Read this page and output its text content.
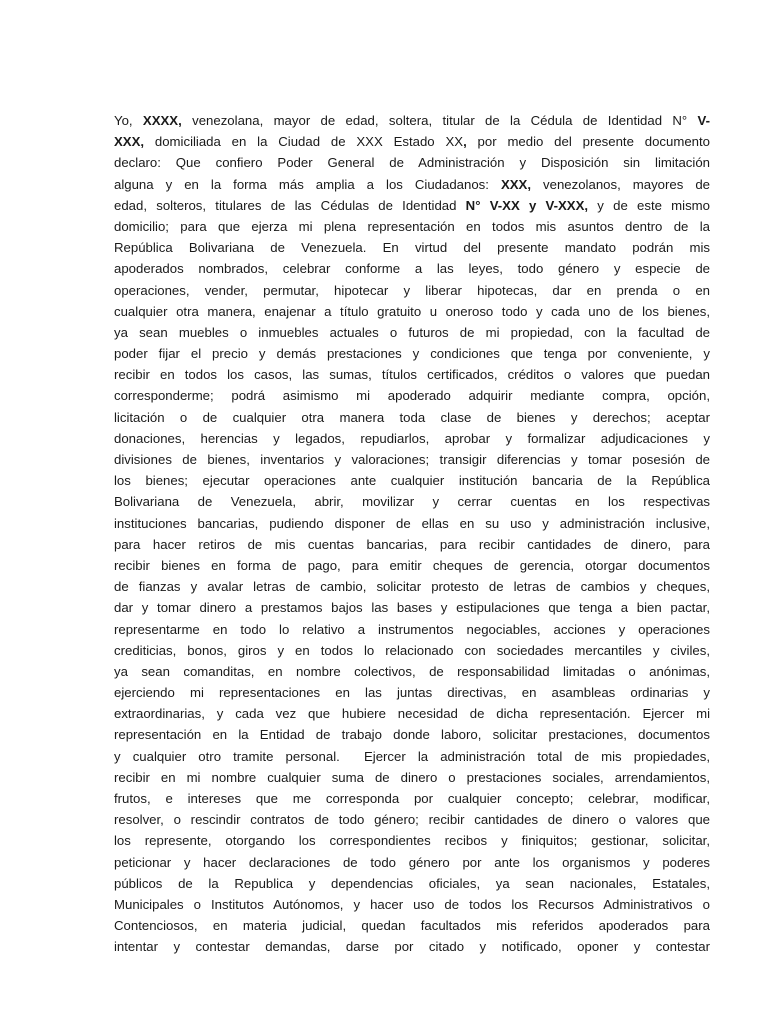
Yo, XXXX, venezolana, mayor de edad, soltera, titular de la Cédula de Identidad N° V-
XXX, domiciliada en la Ciudad de XXX Estado XX, por medio del presente documento
declaro: Que confiero Poder General de Administración y Disposición sin limitación
alguna y en la forma más amplia a los Ciudadanos: XXX, venezolanos, mayores de
edad, solteros, titulares de las Cédulas de Identidad N° V-XX y V-XXX, y de este mismo
domicilio; para que ejerza mi plena representación en todos mis asuntos dentro de la
República Bolivariana de Venezuela. En virtud del presente mandato podrán mis
apoderados nombrados, celebrar conforme a las leyes, todo género y especie de
operaciones, vender, permutar, hipotecar y liberar hipotecas, dar en prenda o en
cualquier otra manera, enajenar a título gratuito u oneroso todo y cada uno de los bienes,
ya sean muebles o inmuebles actuales o futuros de mi propiedad, con la facultad de
poder fijar el precio y demás prestaciones y condiciones que tenga por conveniente, y
recibir en todos los casos, las sumas, títulos certificados, créditos o valores que puedan
corresponderme; podrá asimismo mi apoderado adquirir mediante compra, opción,
licitación o de cualquier otra manera toda clase de bienes y derechos; aceptar
donaciones, herencias y legados, repudiarlos, aprobar y formalizar adjudicaciones y
divisiones de bienes, inventarios y valoraciones; transigir diferencias y tomar posesión de
los bienes; ejecutar operaciones ante cualquier institución bancaria de la República
Bolivariana de Venezuela, abrir, movilizar y cerrar cuentas en los respectivas
instituciones bancarias, pudiendo disponer de ellas en su uso y administración inclusive,
para hacer retiros de mis cuentas bancarias, para recibir cantidades de dinero, para
recibir bienes en forma de pago, para emitir cheques de gerencia, otorgar documentos
de fianzas y avalar letras de cambio, solicitar protesto de letras de cambios y cheques,
dar y tomar dinero a prestamos bajos las bases y estipulaciones que tenga a bien pactar,
representarme en todo lo relativo a instrumentos negociables, acciones y operaciones
crediticias, bonos, giros y en todos lo relacionado con sociedades mercantiles y civiles,
ya sean comanditas, en nombre colectivos, de responsabilidad limitadas o anónimas,
ejerciendo mi representaciones en las juntas directivas, en asambleas ordinarias y
extraordinarias, y cada vez que hubiere necesidad de dicha representación. Ejercer mi
representación en la Entidad de trabajo donde laboro, solicitar prestaciones, documentos
y cualquier otro tramite personal.  Ejercer la administración total de mis propiedades,
recibir en mi nombre cualquier suma de dinero o prestaciones sociales, arrendamientos,
frutos, e intereses que me corresponda por cualquier concepto; celebrar, modificar,
resolver, o rescindir contratos de todo género; recibir cantidades de dinero o valores que
los represente, otorgando los correspondientes recibos y finiquitos; gestionar, solicitar,
peticionar y hacer declaraciones de todo género por ante los organismos y poderes
públicos de la Republica y dependencias oficiales, ya sean nacionales, Estatales,
Municipales o Institutos Autónomos, y hacer uso de todos los Recursos Administrativos o
Contenciosos, en materia judicial, quedan facultados mis referidos apoderados para
intentar y contestar demandas, darse por citado y notificado, oponer y contestar
